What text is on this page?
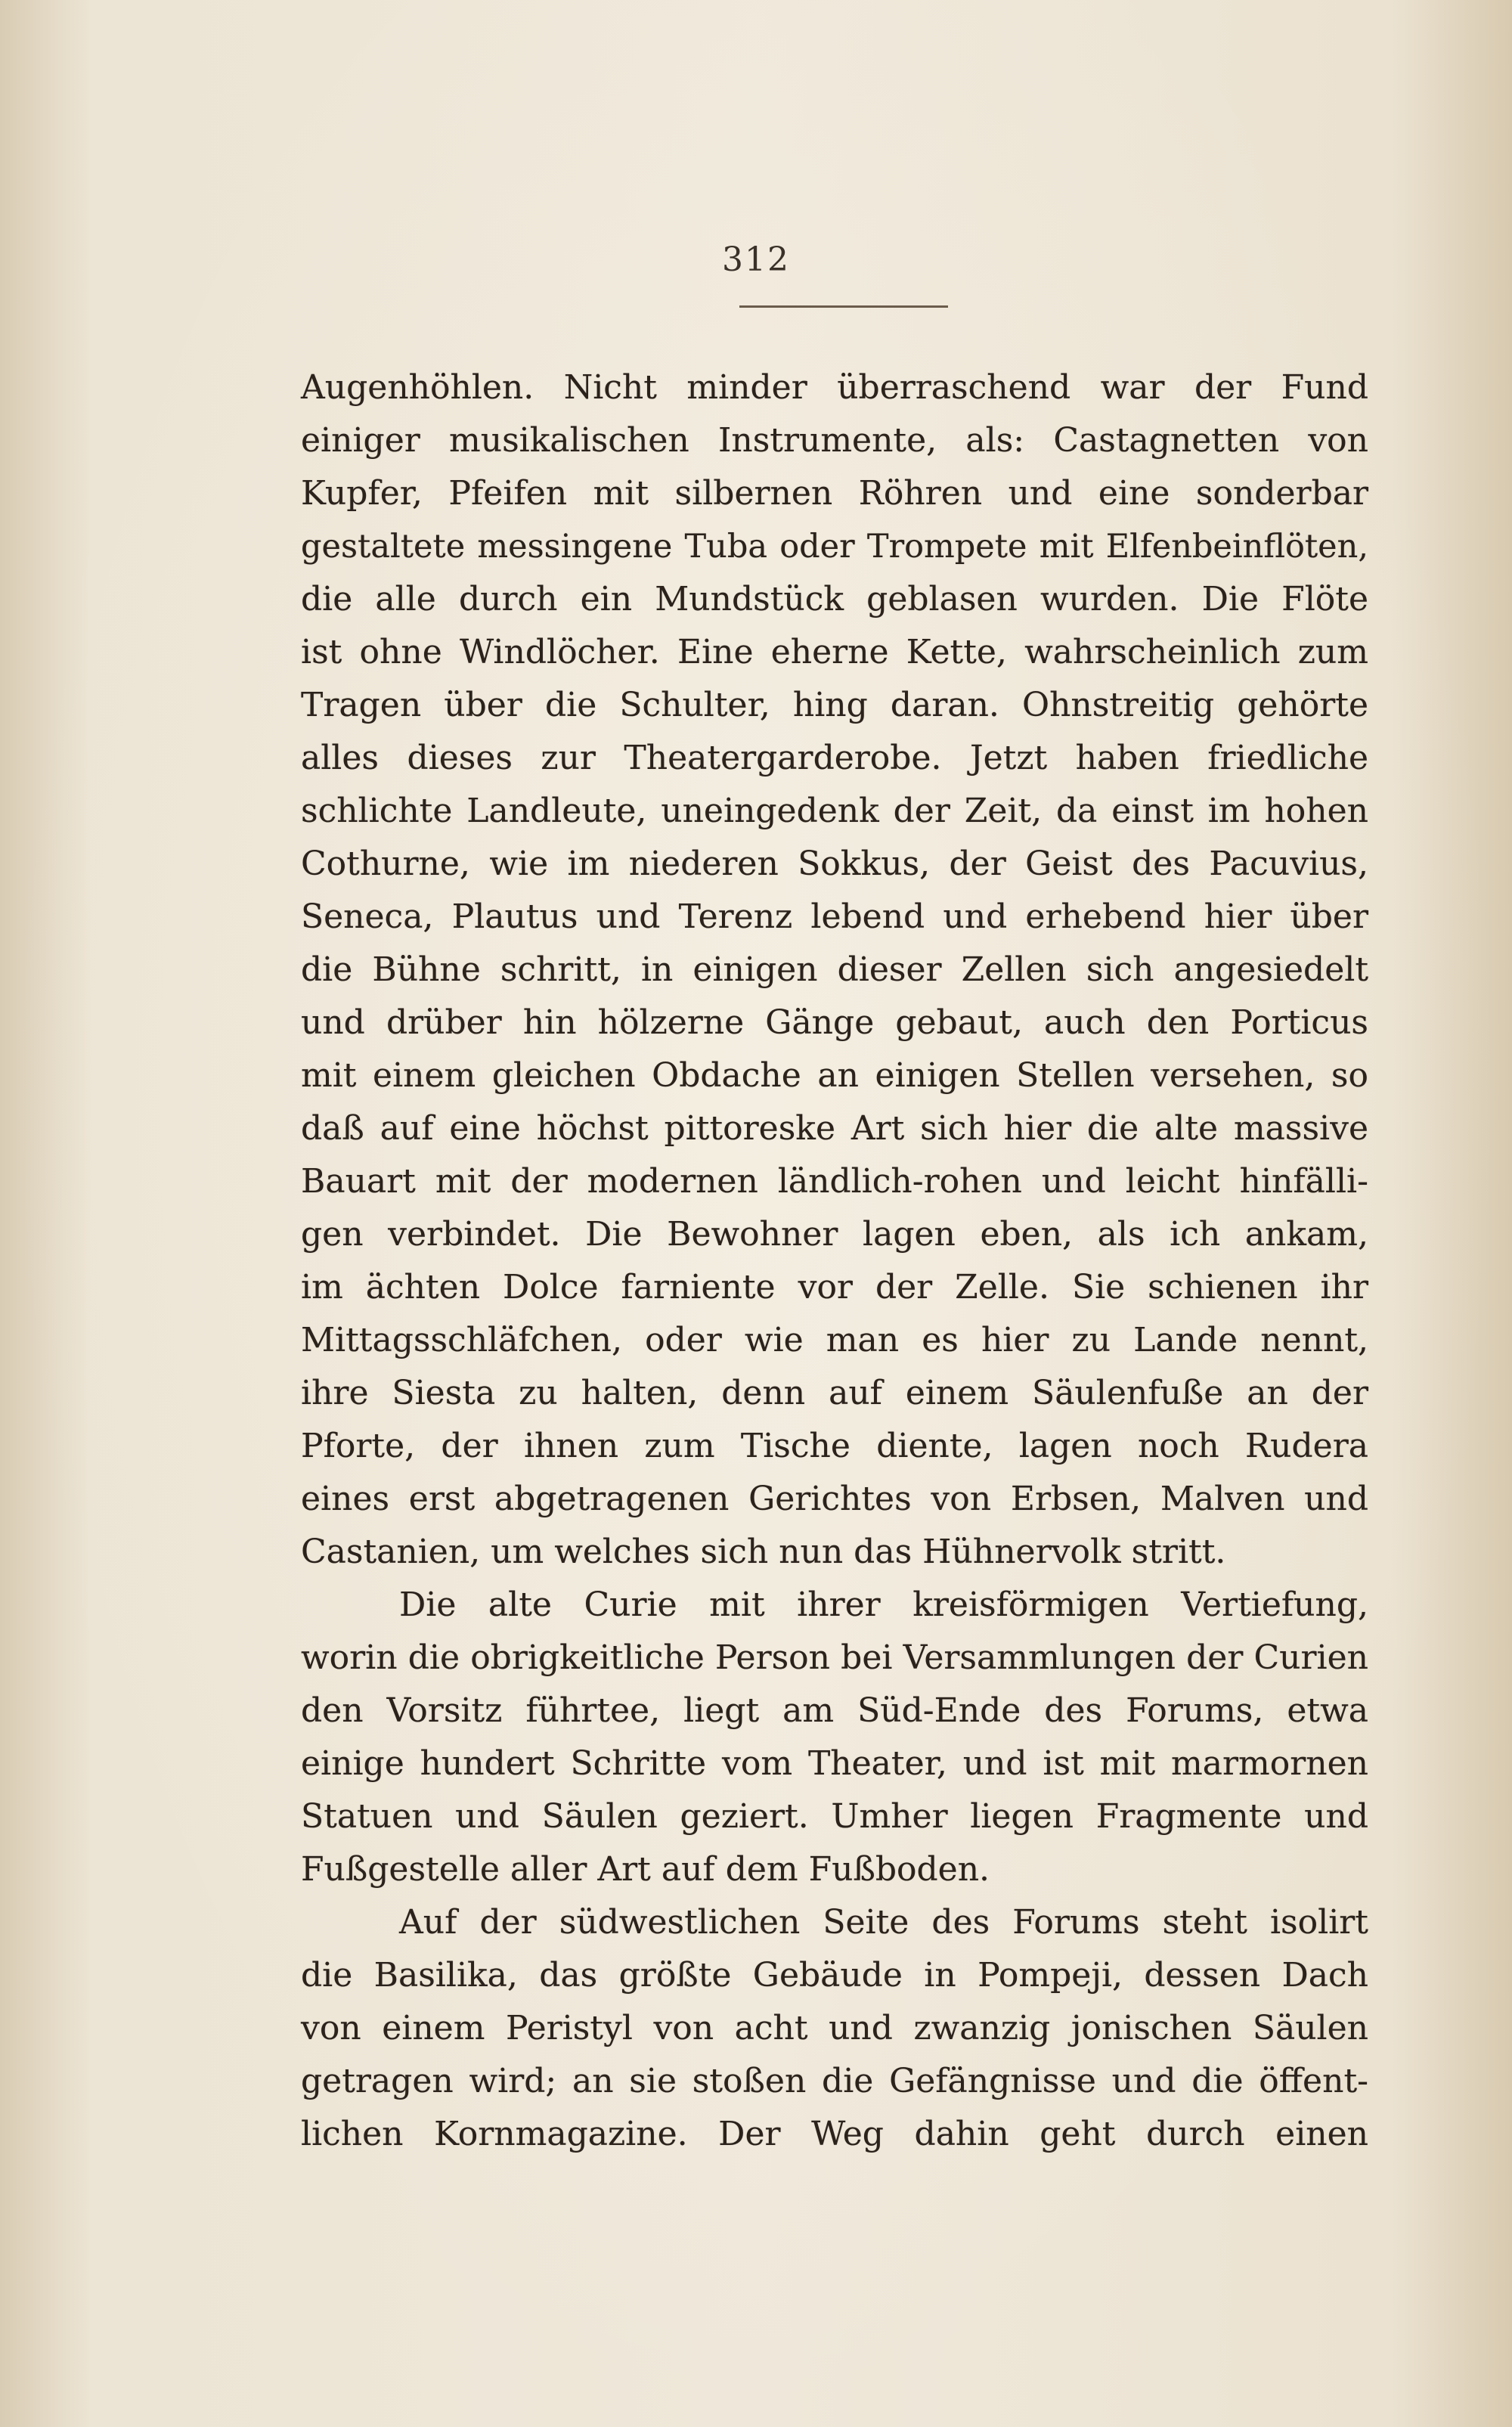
312
Augenhöhlen. Nicht minder überraschend war der Fund
einiger musikalischen Instrumente, als: Castagnetten von
Kupfer, Pfeifen mit silbernen Röhren und eine sonderbar
gestaltete messingene Tuba oder Trompete mit Elfenbeinflöten,
die alle durch ein Mundstück geblasen wurden. Die Flöte
ist ohne Windlöcher. Eine eherne Kette, wahrscheinlich zum
Tragen über die Schulter, hing daran. Ohnstreitig gehörte
alles dieses zur Theatergarderobe. Jetzt haben friedliche
schlichte Landleute, uneingedenk der Zeit, da einst im hohen
Cothurne, wie im niederen Sokkus, der Geist des Pacuvius,
Seneca, Plautus und Terenz lebend und erhebend hier über
die Bühne schritt, in einigen dieser Zellen sich angesiedelt
und drüber hin hölzerne Gänge gebaut, auch den Porticus
mit einem gleichen Obdache an einigen Stellen versehen, so
daß auf eine höchst pittoreske Art sich hier die alte massive
Bauart mit der modernen ländlich-rohen und leicht hinfälli-
gen verbindet. Die Bewohner lagen eben, als ich ankam,
im ächten Dolce farniente vor der Zelle. Sie schienen ihr
Mittagsschläfchen, oder wie man es hier zu Lande nennt,
ihre Siesta zu halten, denn auf einem Säulenfuße an der
Pforte, der ihnen zum Tische diente, lagen noch Rudera
eines erst abgetragenen Gerichtes von Erbsen, Malven und
Castanien, um welches sich nun das Hühnervolk stritt.
Die alte Curie mit ihrer kreisförmigen Vertiefung,
worin die obrigkeitliche Person bei Versammlungen der Curien
den Vorsitz führtee, liegt am Süd-Ende des Forums, etwa
einige hundert Schritte vom Theater, und ist mit marmornen
Statuen und Säulen geziert. Umher liegen Fragmente und
Fußgestelle aller Art auf dem Fußboden.
Auf der südwestlichen Seite des Forums steht isolirt
die Basilika, das größte Gebäude in Pompeji, dessen Dach
von einem Peristyl von acht und zwanzig jonischen Säulen
getragen wird; an sie stoßen die Gefängnisse und die öffent-
lichen Kornmagazine. Der Weg dahin geht durch einen
